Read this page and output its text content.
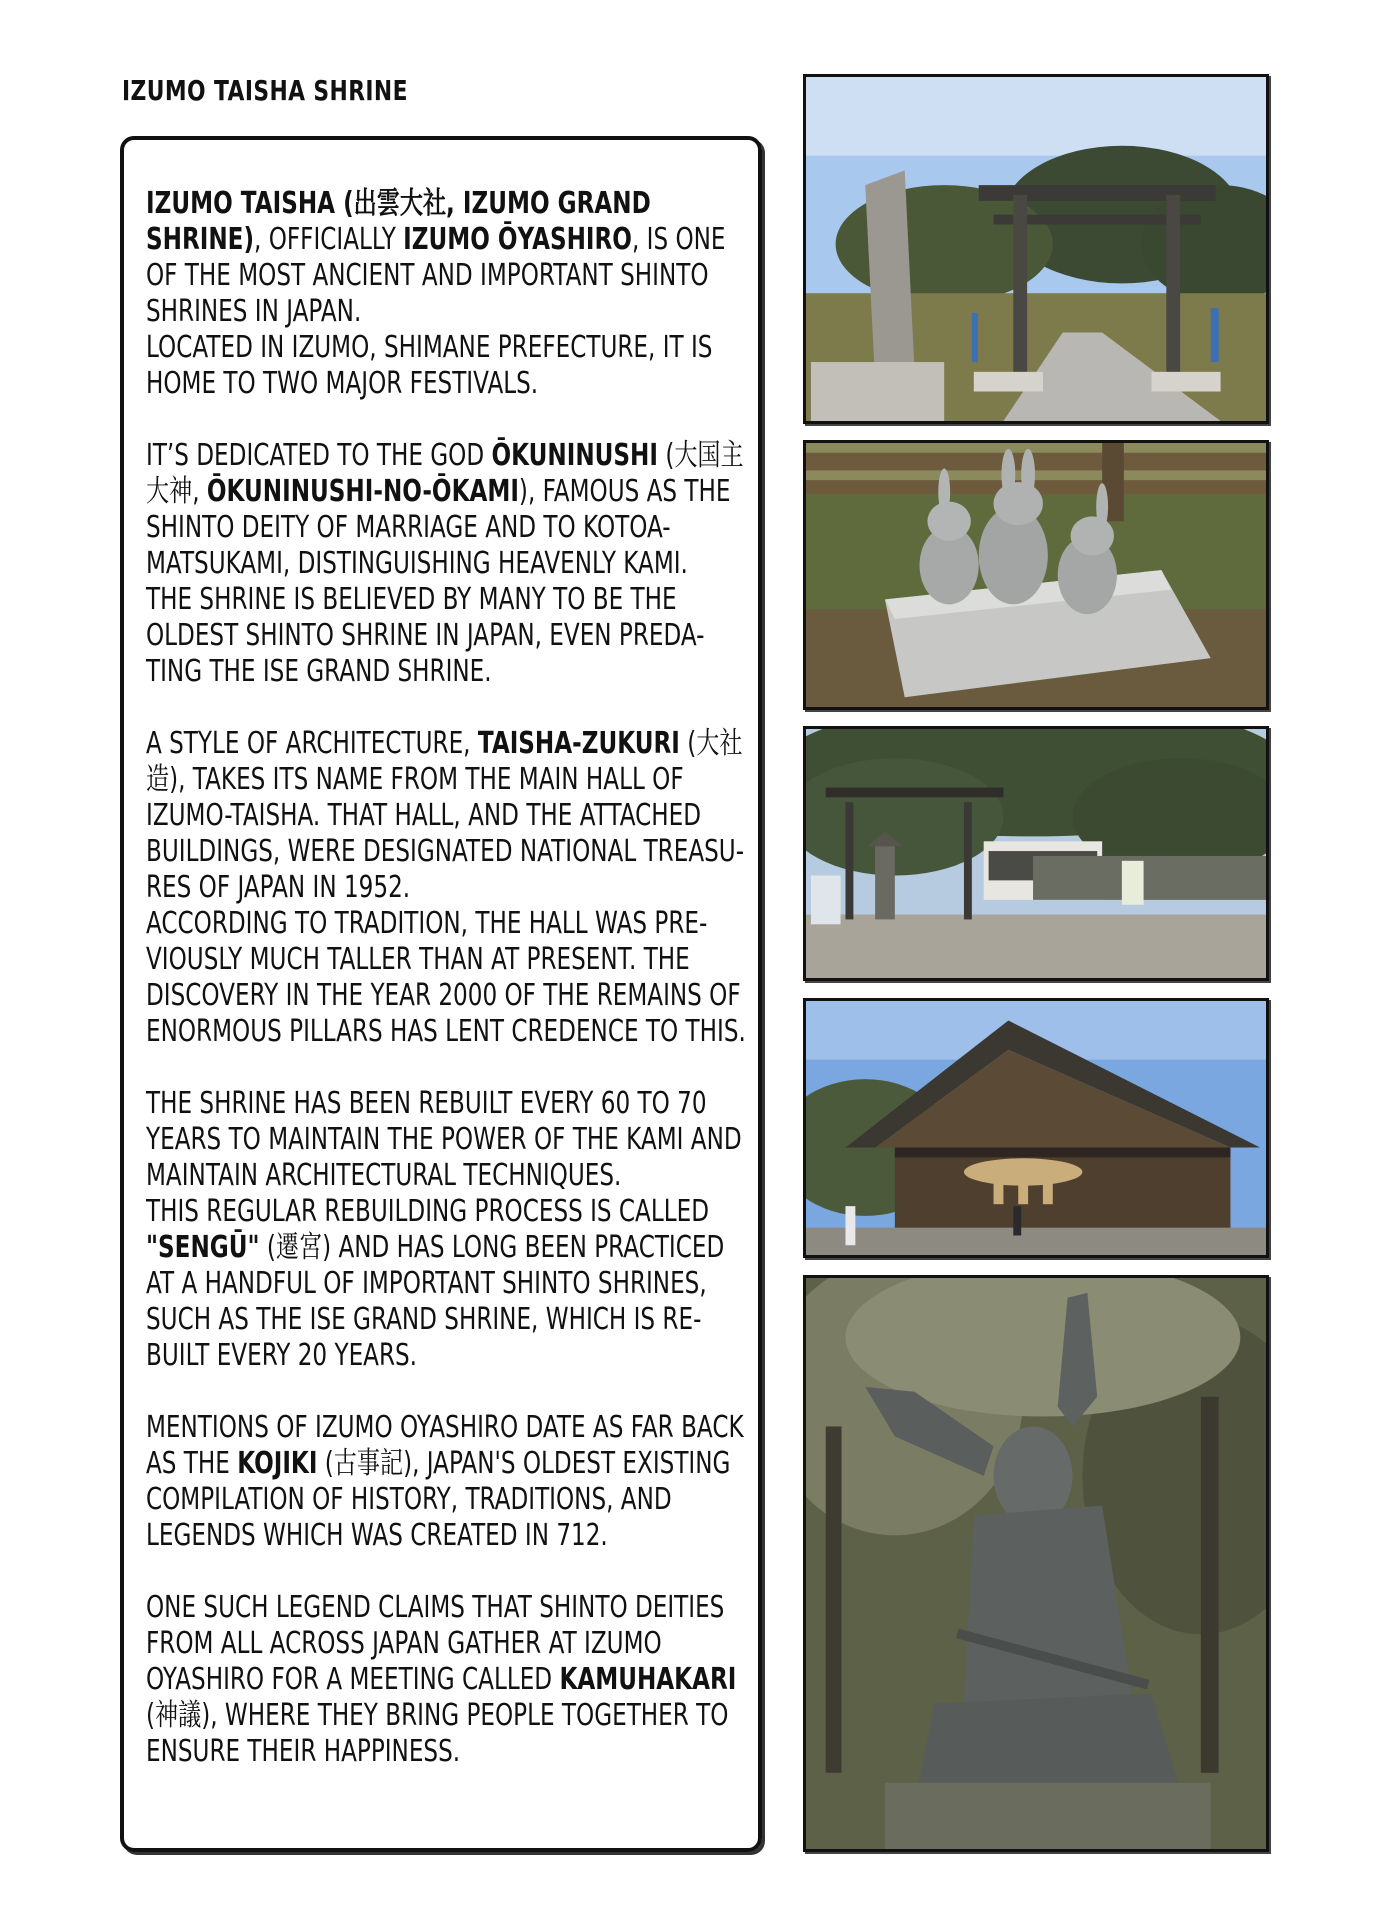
IZUMO TAISHA SHRINE

IZUMO TAISHA (出雲大社, IZUMO GRAND SHRINE), OFFICIALLY IZUMO ŌYASHIRO, IS ONE OF THE MOST ANCIENT AND IMPORTANT SHINTO SHRINES IN JAPAN.
LOCATED IN IZUMO, SHIMANE PREFECTURE, IT IS HOME TO TWO MAJOR FESTIVALS.

IT’S DEDICATED TO THE GOD ŌKUNINUSHI (大国主大神, ŌKUNINUSHI-NO-ŌKAMI), FAMOUS AS THE SHINTO DEITY OF MARRIAGE AND TO KOTOA-MATSUKAMI, DISTINGUISHING HEAVENLY KAMI.
THE SHRINE IS BELIEVED BY MANY TO BE THE OLDEST SHINTO SHRINE IN JAPAN, EVEN PREDA-TING THE ISE GRAND SHRINE.

A STYLE OF ARCHITECTURE, TAISHA-ZUKURI (大社造), TAKES ITS NAME FROM THE MAIN HALL OF IZUMO-TAISHA. THAT HALL, AND THE ATTACHED BUILDINGS, WERE DESIGNATED NATIONAL TREASU-RES OF JAPAN IN 1952.
ACCORDING TO TRADITION, THE HALL WAS PRE-VIOUSLY MUCH TALLER THAN AT PRESENT. THE DISCOVERY IN THE YEAR 2000 OF THE REMAINS OF ENORMOUS PILLARS HAS LENT CREDENCE TO THIS.

THE SHRINE HAS BEEN REBUILT EVERY 60 TO 70 YEARS TO MAINTAIN THE POWER OF THE KAMI AND MAINTAIN ARCHITECTURAL TECHNIQUES.
THIS REGULAR REBUILDING PROCESS IS CALLED "SENGŪ" (遷宮) AND HAS LONG BEEN PRACTICED AT A HANDFUL OF IMPORTANT SHINTO SHRINES, SUCH AS THE ISE GRAND SHRINE, WHICH IS RE-BUILT EVERY 20 YEARS.

MENTIONS OF IZUMO OYASHIRO DATE AS FAR BACK AS THE KOJIKI (古事記), JAPAN'S OLDEST EXISTING COMPILATION OF HISTORY, TRADITIONS, AND LEGENDS WHICH WAS CREATED IN 712.

ONE SUCH LEGEND CLAIMS THAT SHINTO DEITIES FROM ALL ACROSS JAPAN GATHER AT IZUMO OYASHIRO FOR A MEETING CALLED KAMUHAKARI (神議), WHERE THEY BRING PEOPLE TOGETHER TO ENSURE THEIR HAPPINESS.
